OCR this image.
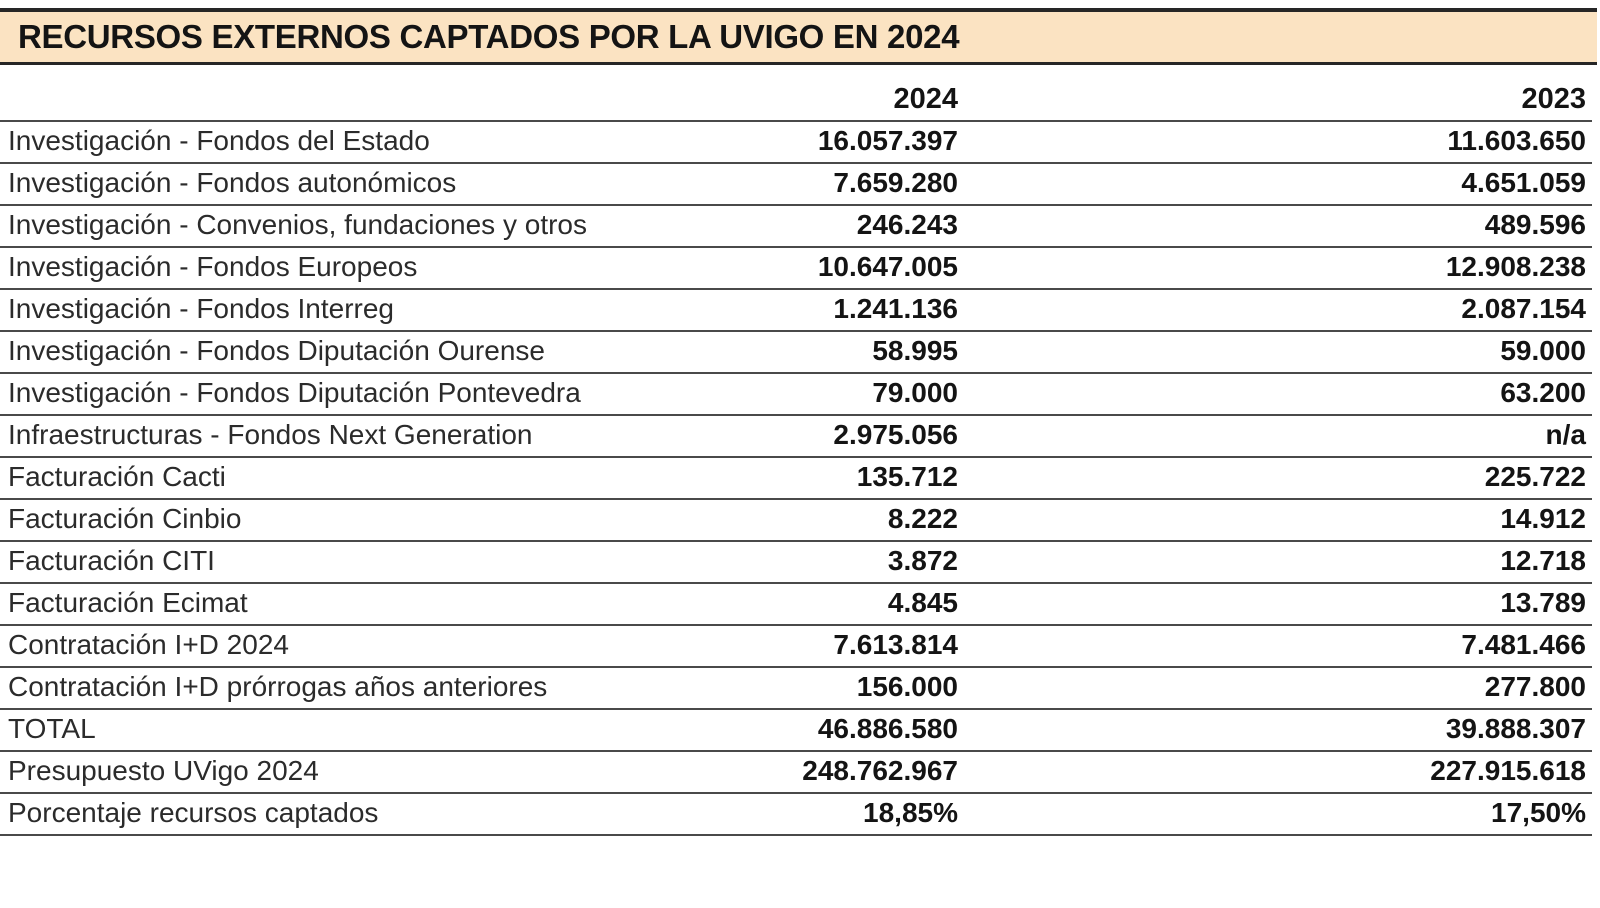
RECURSOS EXTERNOS CAPTADOS POR LA UVIGO EN 2024
	2024	2023
Investigación - Fondos del Estado	16.057.397	11.603.650
Investigación - Fondos autonómicos	7.659.280	4.651.059
Investigación - Convenios, fundaciones y otros	246.243	489.596
Investigación - Fondos Europeos	10.647.005	12.908.238
Investigación - Fondos Interreg	1.241.136	2.087.154
Investigación - Fondos Diputación Ourense	58.995	59.000
Investigación - Fondos Diputación Pontevedra	79.000	63.200
Infraestructuras - Fondos Next Generation	2.975.056	n/a
Facturación Cacti	135.712	225.722
Facturación Cinbio	8.222	14.912
Facturación CITI	3.872	12.718
Facturación Ecimat	4.845	13.789
Contratación I+D 2024	7.613.814	7.481.466
Contratación I+D prórrogas años anteriores	156.000	277.800
TOTAL	46.886.580	39.888.307
Presupuesto UVigo 2024	248.762.967	227.915.618
Porcentaje recursos captados	18,85%	17,50%
